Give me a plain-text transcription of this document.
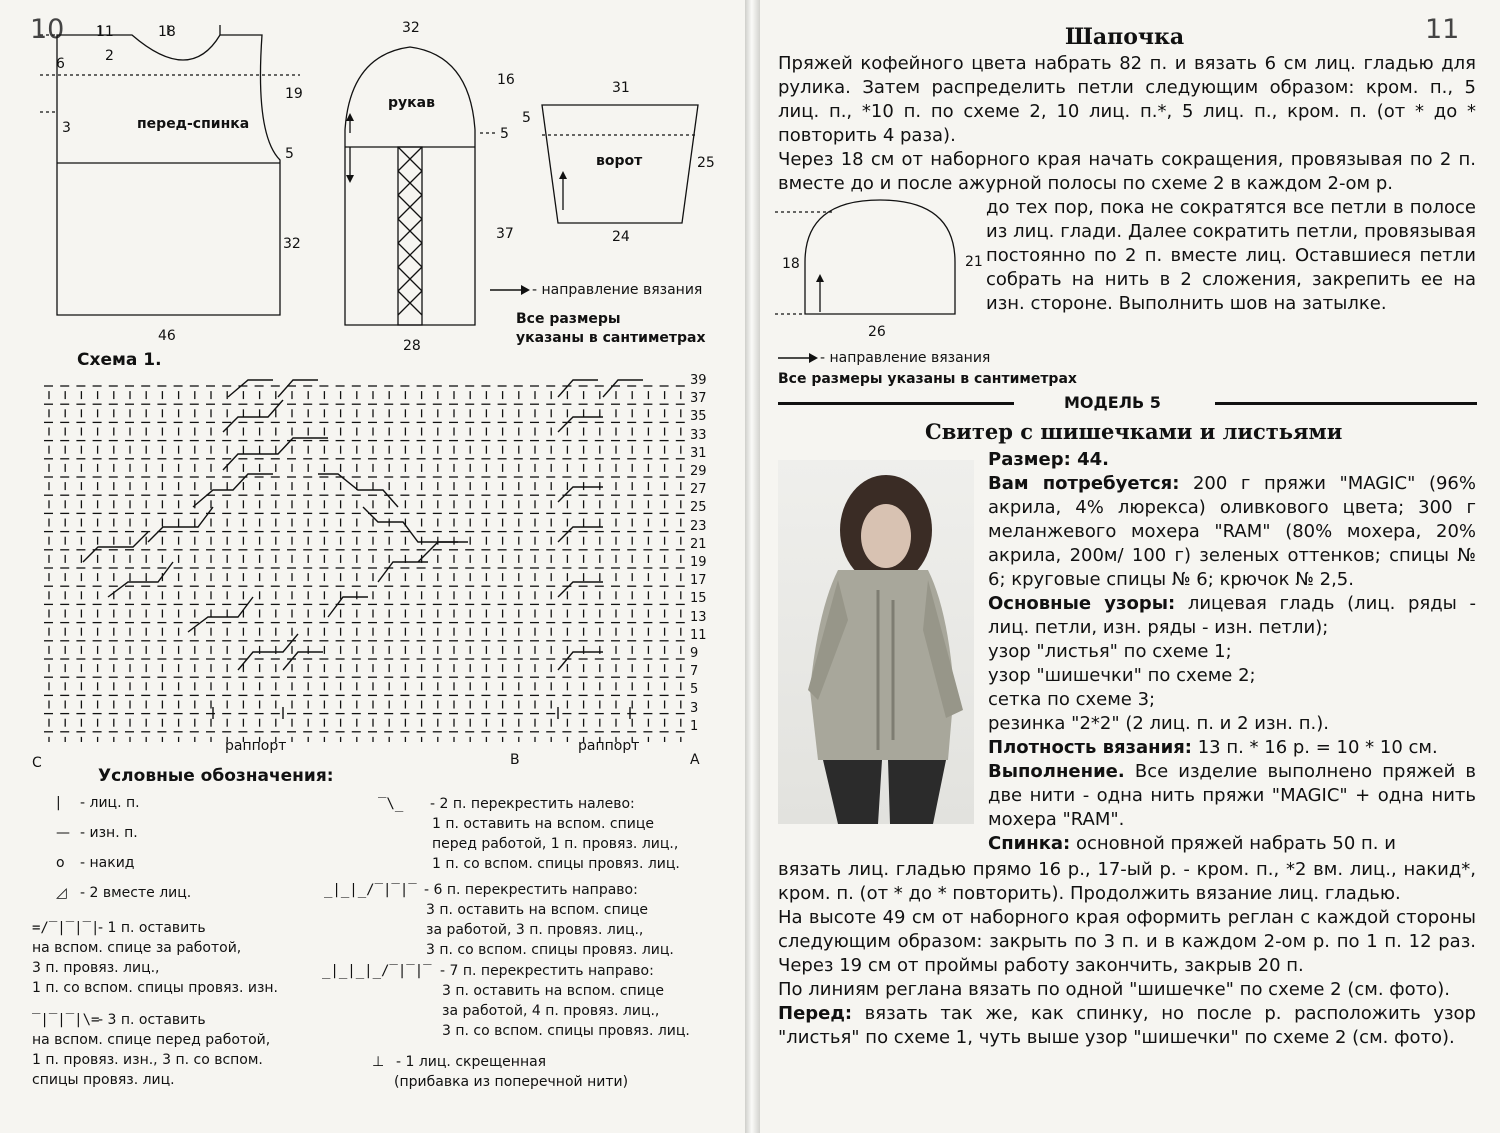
10 11	18
2
6
19
3
5
32
46
перед-спинка
32
16
5
37
28
рукав
31
5
25
24
ворот
- направление вязания
Все размеры
указаны в сантиметрах
Схема 1.
39
37
35
33
31
29
27
25
23
21
19
17
15
13
11
9
7
5
3
1
C	B	A
раппорт	раппорт
Условные обозначения:
| - лиц. п.
— - изн. п.
o - накид
◿ - 2 вместе лиц.
=/‾|‾|‾|- 1 п. оставить
на вспом. спице за работой,
3 п. провяз. лиц.,
1 п. со вспом. спицы провяз. изн.
‾|‾|‾|\=- 3 п. оставить
на вспом. спице перед работой,
1 п. провяз. изн., 3 п. со вспом.
спицы провяз. лиц.
‾\_ - 2 п. перекрестить налево:
1 п. оставить на вспом. спице
перед работой, 1 п. провяз. лиц.,
1 п. со вспом. спицы провяз. лиц.
_|_|_/‾|‾|‾ - 6 п. перекрестить направо:
3 п. оставить на вспом. спице
за работой, 3 п. провяз. лиц.,
3 п. со вспом. спицы провяз. лиц.
_|_|_|_/‾|‾|‾ - 7 п. перекрестить направо:
3 п. оставить на вспом. спице
за работой, 4 п. провяз. лиц.,
3 п. со вспом. спицы провяз. лиц.
⊥ - 1 лиц. скрещенная
(прибавка из поперечной нити)
11
Шапочка
Пряжей кофейного цвета набрать 82 п. и вязать 6 см лиц. гладью для рулика. Затем распределить петли следующим образом: кром. п., 5 лиц. п., *10 п. по схеме 2, 10 лиц. п.*, 5 лиц. п., кром. п. (от * до * повторить 4 раза).
Через 18 см от наборного края начать сокращения, провязывая по 2 п. вместе до и после ажурной полосы по схеме 2 в каждом 2-ом р.
18	21
26
до тех пор, пока не сократятся все петли в полосе из лиц. глади. Далее сократить петли, провязывая постоянно по 2 п. вместе лиц. Оставшиеся петли собрать на нить в 2 сложения, закрепить ее на изн. стороне. Выполнить шов на затылке.
- направление вязания
Все размеры указаны в сантиметрах
МОДЕЛЬ 5
Свитер с шишечками и листьями

Размер: 44.

Вам потребуется: 200 г пряжи "MAGIC" (96% акрила, 4% люрекса) оливкового цвета; 300 г меланжевого мохера "RAM" (80% мохера, 20% акрила, 200м/ 100 г) зеленых оттенков; спицы № 6; круговые спицы № 6; крючок № 2,5.

Основные узоры: лицевая гладь (лиц. ряды - лиц. петли, изн. ряды - изн. петли);

узор "листья" по схеме 1;

узор "шишечки" по схеме 2;

сетка по схеме 3;

резинка "2*2" (2 лиц. п. и 2 изн. п.).

Плотность вязания: 13 п. * 16 р. = 10 * 10 см.

Выполнение. Все изделие выполнено пряжей в две нити - одна нить пряжи "MAGIC" + одна нить мохера "RAM".

Спинка: основной пряжей набрать 50 п. и

вязать лиц. гладью прямо 16 р., 17-ый р. - кром. п., *2 вм. лиц., накид*, кром. п. (от * до * повторить). Продолжить вязание лиц. гладью.

На высоте 49 см от наборного края оформить реглан с каждой стороны следующим образом: закрыть по 3 п. и в каждом 2-ом р. по 1 п. 12 раз. Через 19 см от проймы работу закончить, закрыв 20 п.

По линиям реглана вязать по одной "шишечке" по схеме 2 (см. фото).

Перед: вязать так же, как спинку, но после р. расположить узор "листья" по схеме 1, чуть выше узор "шишечки" по схеме 2 (см. фото).
